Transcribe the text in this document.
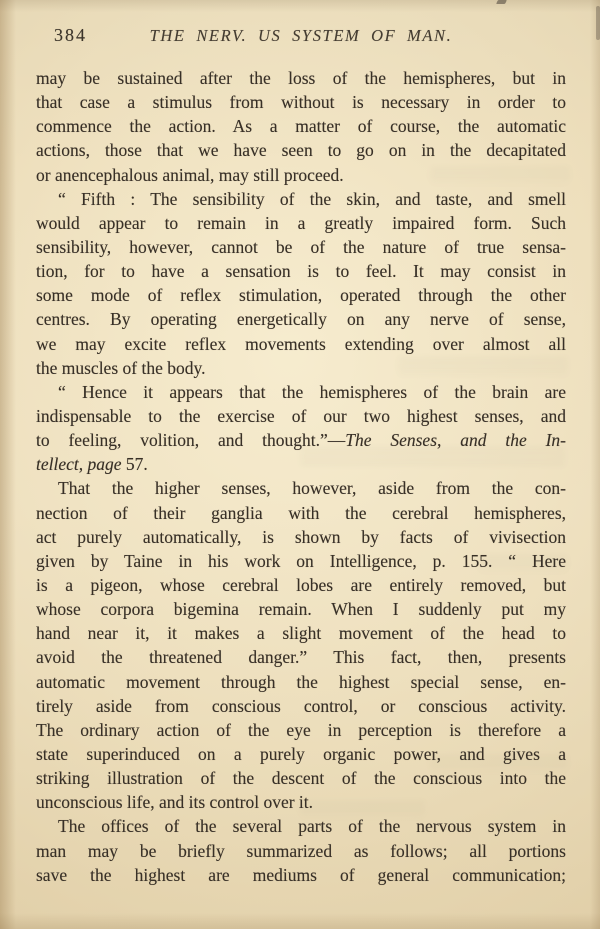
384	THE NERV. US SYSTEM OF MAN.
may be sustained after the loss of the hemispheres, but in
that case a stimulus from without is necessary in order to
commence the action. As a matter of course, the automatic
actions, those that we have seen to go on in the decapitated
or anencephalous animal, may still proceed.
“ Fifth : The sensibility of the skin, and taste, and smell
would appear to remain in a greatly impaired form. Such
sensibility, however, cannot be of the nature of true sensa-
tion, for to have a sensation is to feel. It may consist in
some mode of reflex stimulation, operated through the other
centres. By operating energetically on any nerve of sense,
we may excite reflex movements extending over almost all
the muscles of the body.
“ Hence it appears that the hemispheres of the brain are
indispensable to the exercise of our two highest senses, and
to feeling, volition, and thought.”—The Senses, and the In-
tellect, page 57.
That the higher senses, however, aside from the con-
nection of their ganglia with the cerebral hemispheres,
act purely automatically, is shown by facts of vivisection
given by Taine in his work on Intelligence, p. 155. “ Here
is a pigeon, whose cerebral lobes are entirely removed, but
whose corpora bigemina remain. When I suddenly put my
hand near it, it makes a slight movement of the head to
avoid the threatened danger.” This fact, then, presents
automatic movement through the highest special sense, en-
tirely aside from conscious control, or conscious activity.
The ordinary action of the eye in perception is therefore a
state superinduced on a purely organic power, and gives a
striking illustration of the descent of the conscious into the
unconscious life, and its control over it.
The offices of the several parts of the nervous system in
man may be briefly summarized as follows; all portions
save the highest are mediums of general communication;
